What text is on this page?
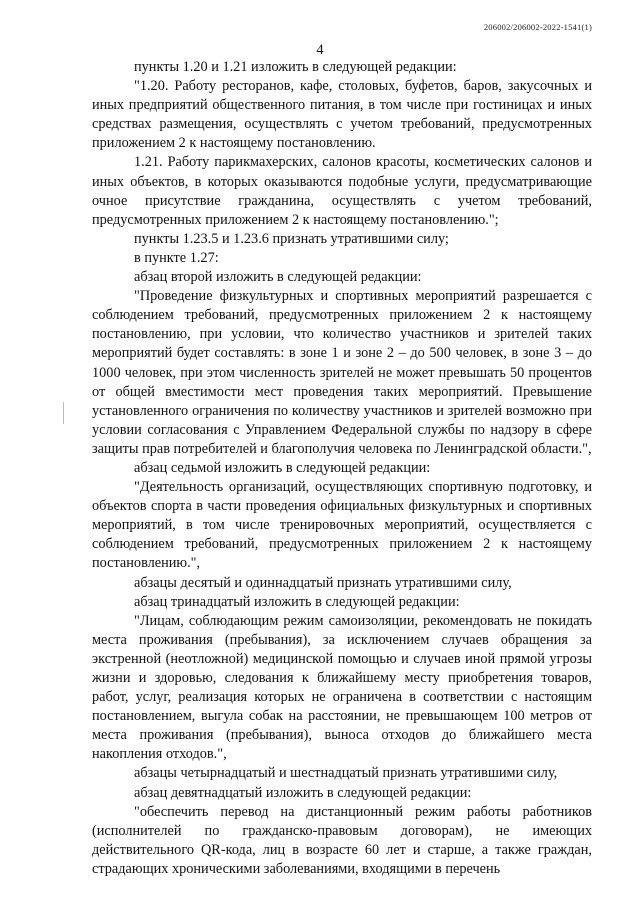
206002/206002-2022-1541(1)
4

пункты 1.20 и 1.21 изложить в следующей редакции:

"1.20. Работу ресторанов, кафе, столовых, буфетов, баров, закусочных и иных предприятий общественного питания, в том числе при гостиницах и иных средствах размещения, осуществлять с учетом требований, предусмотренных приложением 2 к настоящему постановлению.

1.21. Работу парикмахерских, салонов красоты, косметических салонов и иных объектов, в которых оказываются подобные услуги, предусматривающие очное присутствие гражданина, осуществлять с учетом требований, предусмотренных приложением 2 к настоящему постановлению.";

пункты 1.23.5 и 1.23.6 признать утратившими силу;

в пункте 1.27:

абзац второй изложить в следующей редакции:

"Проведение физкультурных и спортивных мероприятий разрешается с соблюдением требований, предусмотренных приложением 2 к настоящему постановлению, при условии, что количество участников и зрителей таких мероприятий будет составлять: в зоне 1 и зоне 2 – до 500 человек, в зоне 3 – до 1000 человек, при этом численность зрителей не может превышать 50 процентов от общей вместимости мест проведения таких мероприятий. Превышение установленного ограничения по количеству участников и зрителей возможно при условии согласования с Управлением Федеральной службы по надзору в сфере защиты прав потребителей и благополучия человека по Ленинградской области.",

абзац седьмой изложить в следующей редакции:

"Деятельность организаций, осуществляющих спортивную подготовку, и объектов спорта в части проведения официальных физкультурных и спортивных мероприятий, в том числе тренировочных мероприятий, осуществляется с соблюдением требований, предусмотренных приложением 2 к настоящему постановлению.",

абзацы десятый и одиннадцатый признать утратившими силу,

абзац тринадцатый изложить в следующей редакции:

"Лицам, соблюдающим режим самоизоляции, рекомендовать не покидать места проживания (пребывания), за исключением случаев обращения за экстренной (неотложной) медицинской помощью и случаев иной прямой угрозы жизни и здоровью, следования к ближайшему месту приобретения товаров, работ, услуг, реализация которых не ограничена в соответствии с настоящим постановлением, выгула собак на расстоянии, не превышающем 100 метров от места проживания (пребывания), выноса отходов до ближайшего места накопления отходов.",

абзацы четырнадцатый и шестнадцатый признать утратившими силу,

абзац девятнадцатый изложить в следующей редакции:

"обеспечить перевод на дистанционный режим работы работников (исполнителей по гражданско-правовым договорам), не имеющих действительного QR-кода, лиц в возрасте 60 лет и старше, а также граждан, страдающих хроническими заболеваниями, входящими в перечень
